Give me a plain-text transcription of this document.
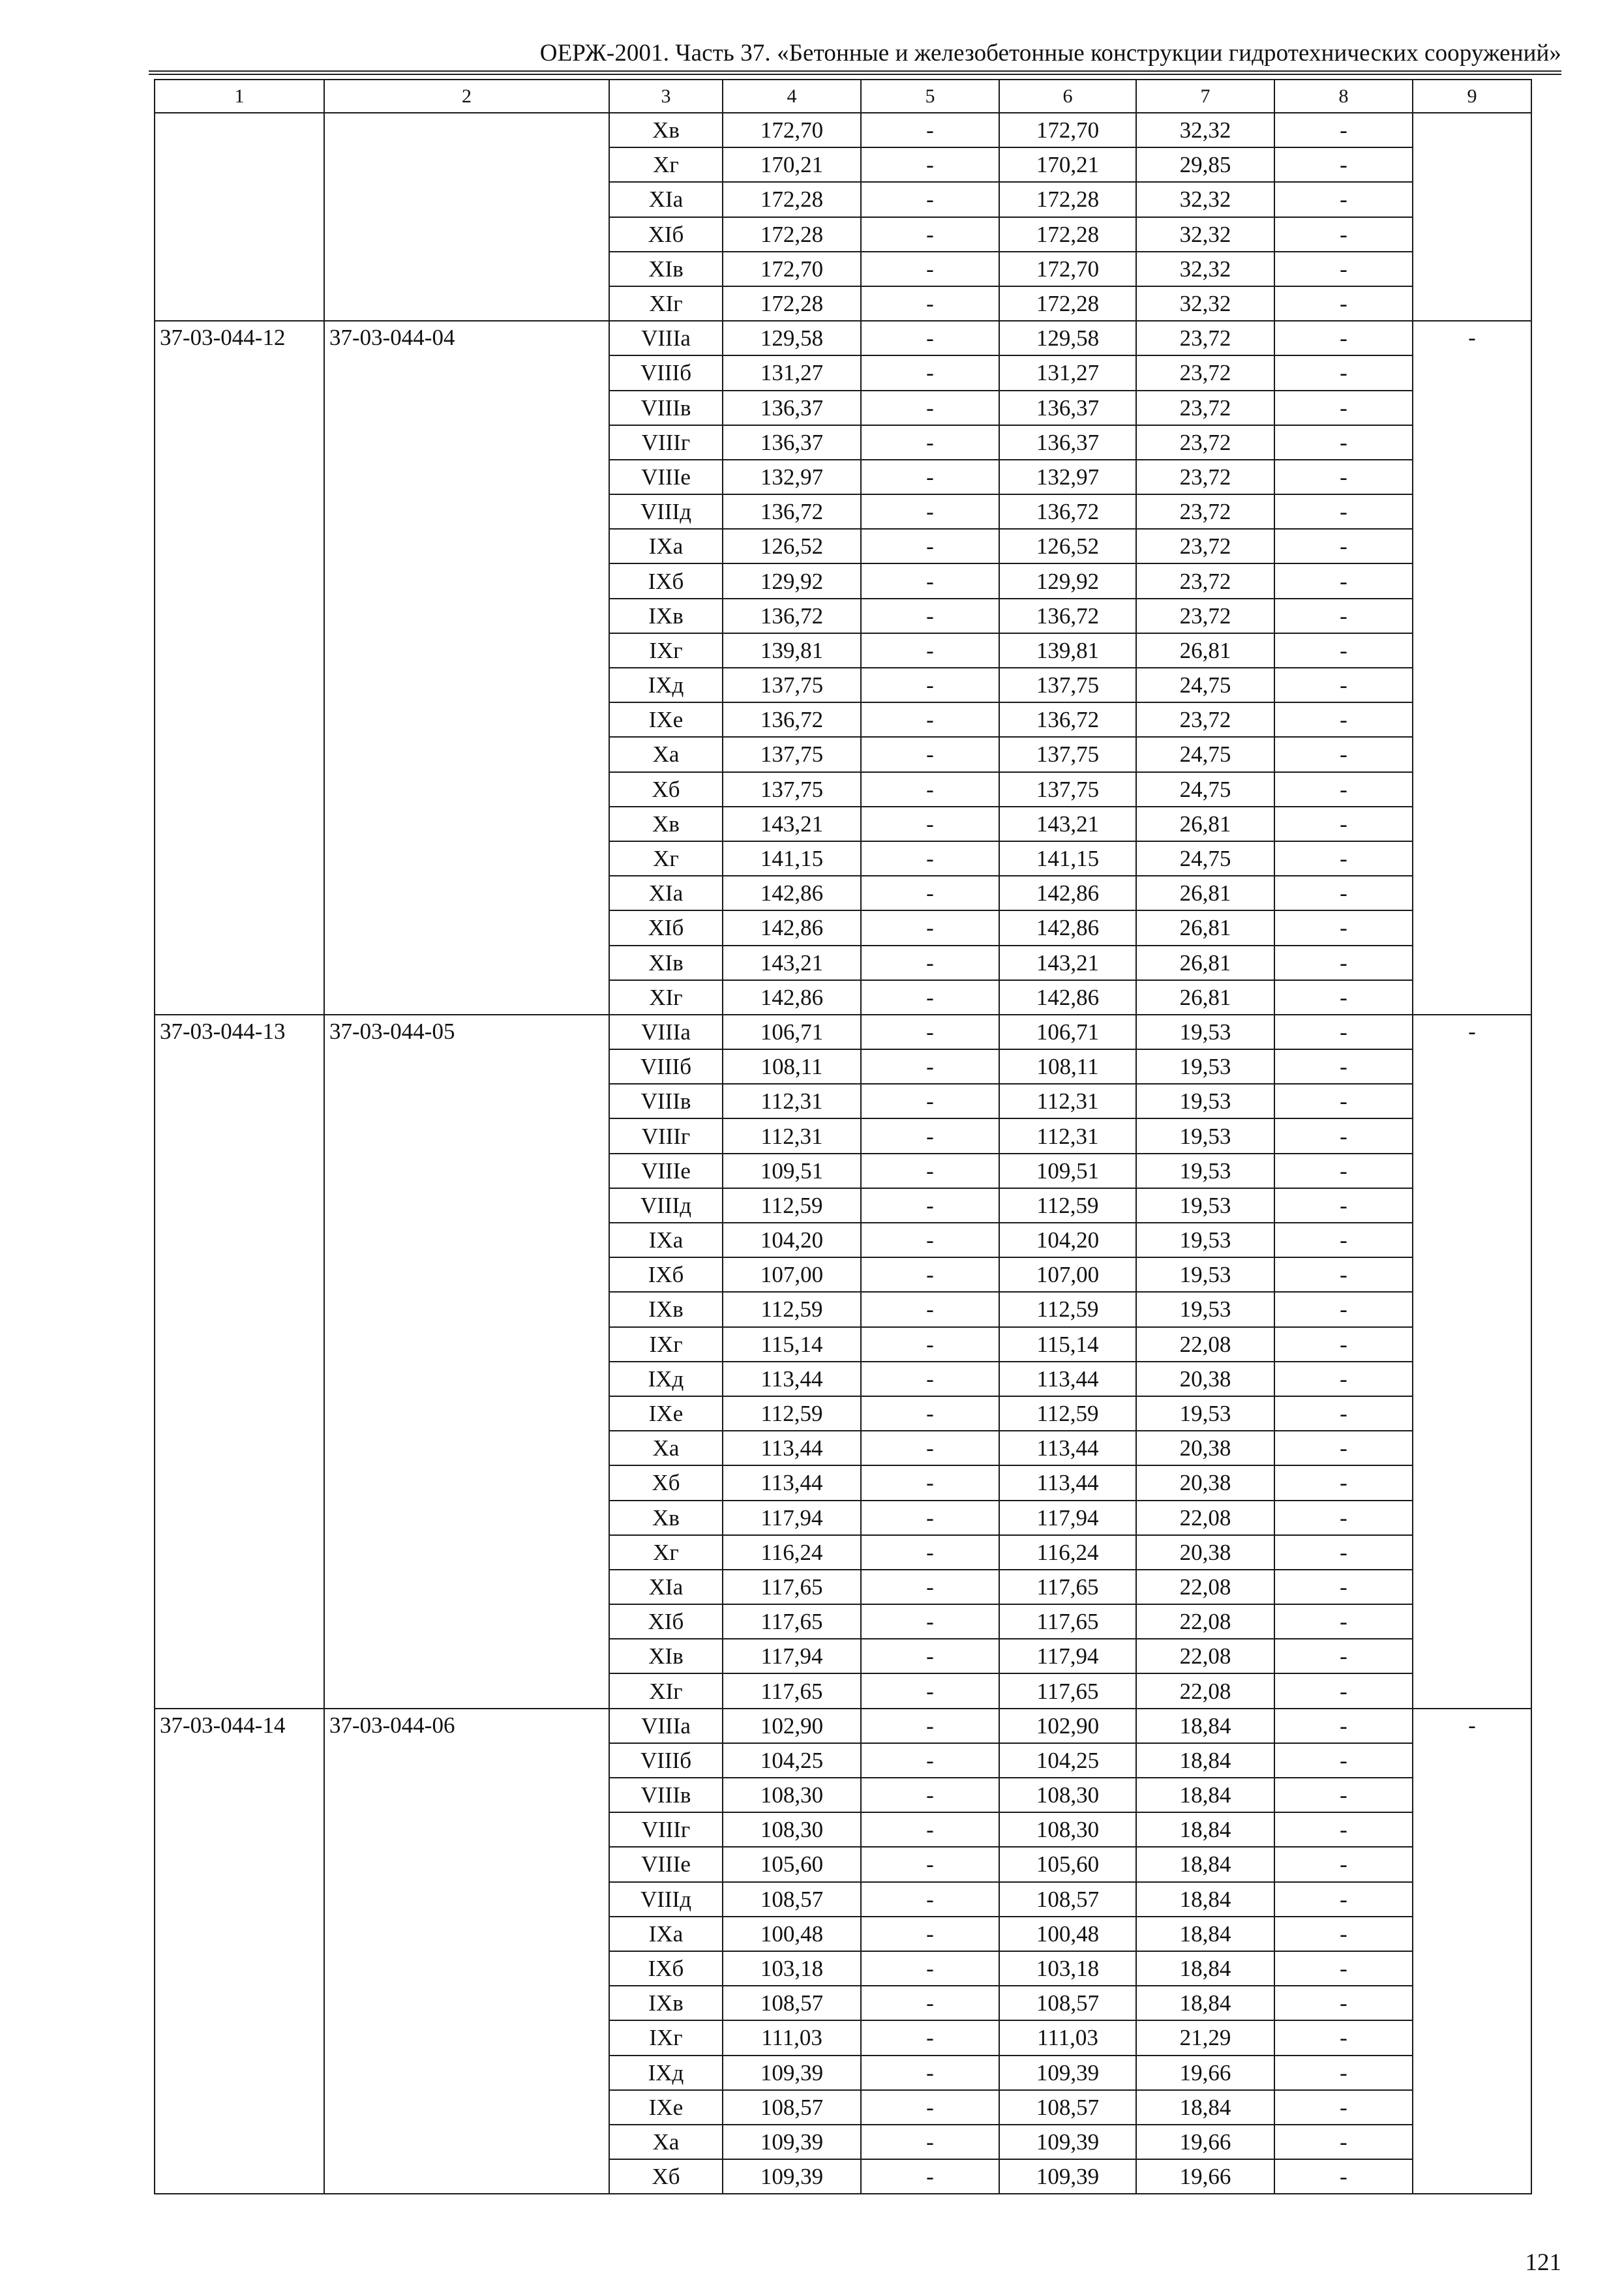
ОЕРЖ-2001. Часть 37. «Бетонные и железобетонные конструкции гидротехнических сооружений»
1	2	3	4	5	6	7	8	9
		Xв	172,70	-	172,70	32,32	-	
		Xг	170,21	-	170,21	29,85	-	
		XIа	172,28	-	172,28	32,32	-	
		XIб	172,28	-	172,28	32,32	-	
		XIв	172,70	-	172,70	32,32	-	
		XIг	172,28	-	172,28	32,32	-	
37-03-044-12	37-03-044-04	VIIIа	129,58	-	129,58	23,72	-	-
		VIIIб	131,27	-	131,27	23,72	-	
		VIIIв	136,37	-	136,37	23,72	-	
		VIIIг	136,37	-	136,37	23,72	-	
		VIIIе	132,97	-	132,97	23,72	-	
		VIIIд	136,72	-	136,72	23,72	-	
		IXа	126,52	-	126,52	23,72	-	
		IXб	129,92	-	129,92	23,72	-	
		IXв	136,72	-	136,72	23,72	-	
		IXг	139,81	-	139,81	26,81	-	
		IXд	137,75	-	137,75	24,75	-	
		IXе	136,72	-	136,72	23,72	-	
		Xа	137,75	-	137,75	24,75	-	
		Xб	137,75	-	137,75	24,75	-	
		Xв	143,21	-	143,21	26,81	-	
		Xг	141,15	-	141,15	24,75	-	
		XIа	142,86	-	142,86	26,81	-	
		XIб	142,86	-	142,86	26,81	-	
		XIв	143,21	-	143,21	26,81	-	
		XIг	142,86	-	142,86	26,81	-	
37-03-044-13	37-03-044-05	VIIIа	106,71	-	106,71	19,53	-	-
		VIIIб	108,11	-	108,11	19,53	-	
		VIIIв	112,31	-	112,31	19,53	-	
		VIIIг	112,31	-	112,31	19,53	-	
		VIIIе	109,51	-	109,51	19,53	-	
		VIIIд	112,59	-	112,59	19,53	-	
		IXа	104,20	-	104,20	19,53	-	
		IXб	107,00	-	107,00	19,53	-	
		IXв	112,59	-	112,59	19,53	-	
		IXг	115,14	-	115,14	22,08	-	
		IXд	113,44	-	113,44	20,38	-	
		IXе	112,59	-	112,59	19,53	-	
		Xа	113,44	-	113,44	20,38	-	
		Xб	113,44	-	113,44	20,38	-	
		Xв	117,94	-	117,94	22,08	-	
		Xг	116,24	-	116,24	20,38	-	
		XIа	117,65	-	117,65	22,08	-	
		XIб	117,65	-	117,65	22,08	-	
		XIв	117,94	-	117,94	22,08	-	
		XIг	117,65	-	117,65	22,08	-	
37-03-044-14	37-03-044-06	VIIIа	102,90	-	102,90	18,84	-	-
		VIIIб	104,25	-	104,25	18,84	-	
		VIIIв	108,30	-	108,30	18,84	-	
		VIIIг	108,30	-	108,30	18,84	-	
		VIIIе	105,60	-	105,60	18,84	-	
		VIIIд	108,57	-	108,57	18,84	-	
		IXа	100,48	-	100,48	18,84	-	
		IXб	103,18	-	103,18	18,84	-	
		IXв	108,57	-	108,57	18,84	-	
		IXг	111,03	-	111,03	21,29	-	
		IXд	109,39	-	109,39	19,66	-	
		IXе	108,57	-	108,57	18,84	-	
		Xа	109,39	-	109,39	19,66	-	
		Xб	109,39	-	109,39	19,66	-	
121
